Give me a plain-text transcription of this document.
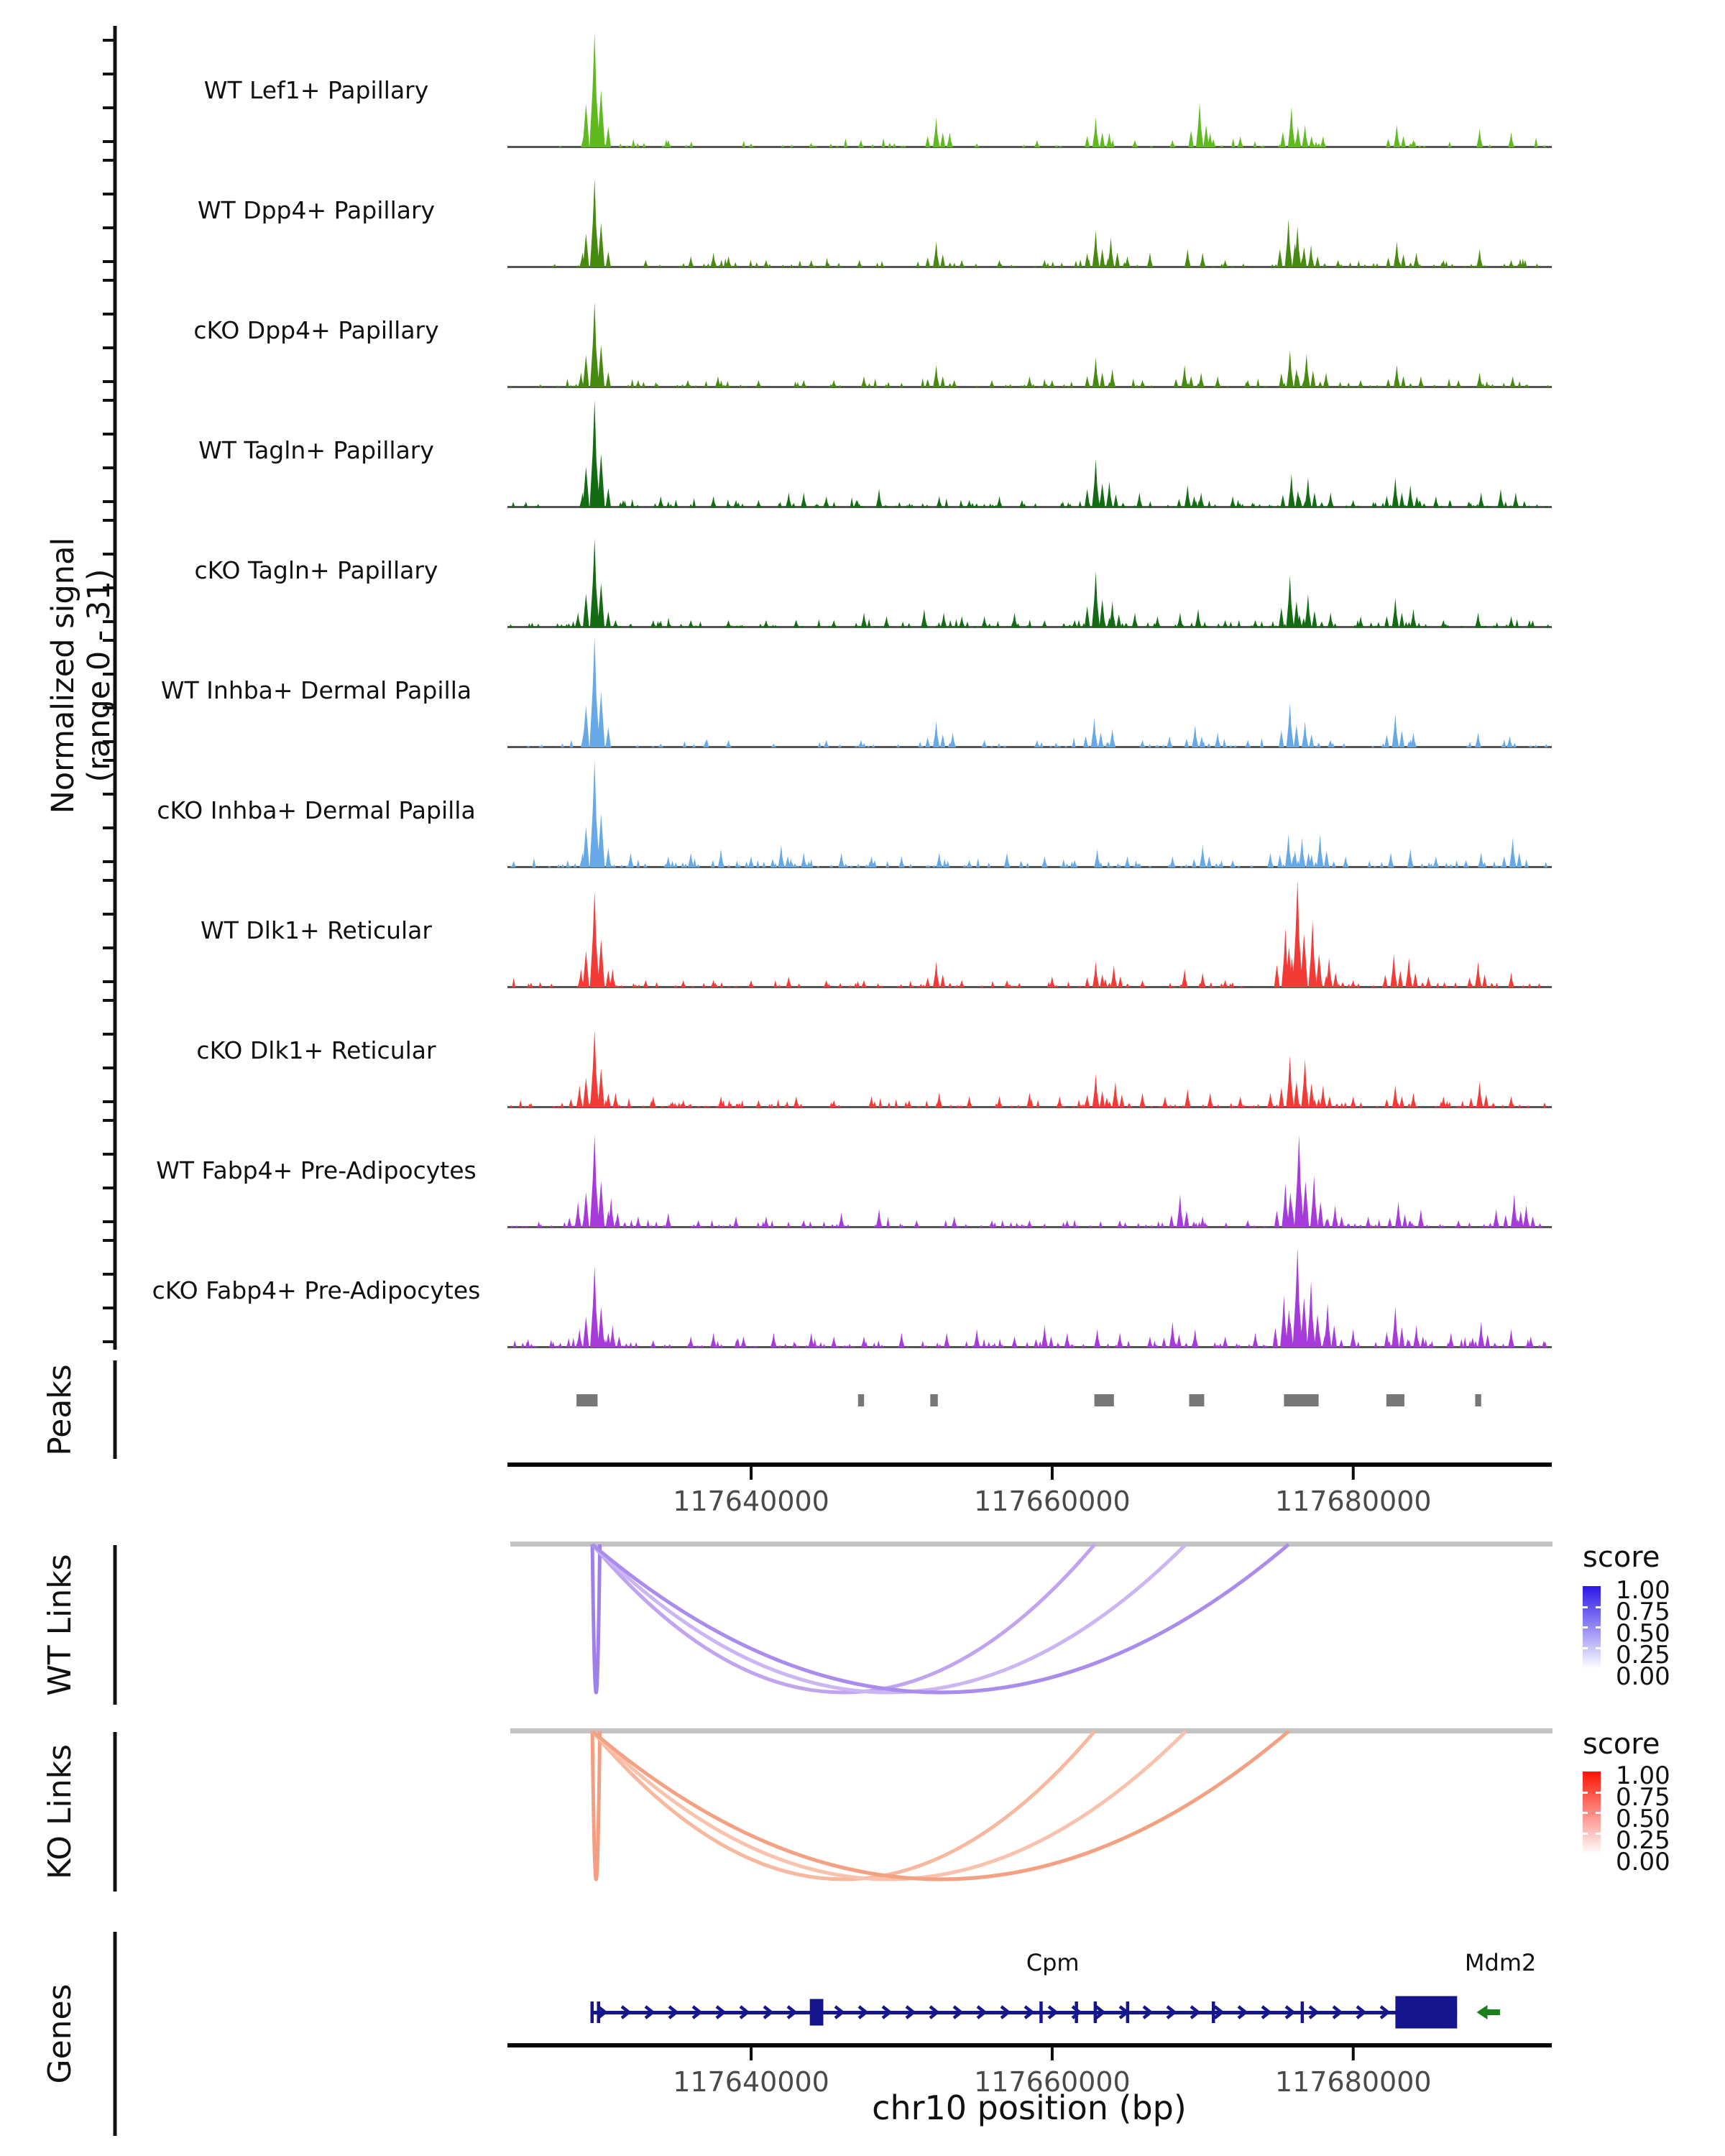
Normalized signal (range 0 - 31)
Peaks
WT Links
KO Links
Genes
score
score
chr10 position (bp)
WT Lef1+ Papillary
WT Dpp4+ Papillary
cKO Dpp4+ Papillary
WT Tagln+ Papillary
cKO Tagln+ Papillary
WT Inhba+ Dermal Papilla
cKO Inhba+ Dermal Papilla
WT Dlk1+ Reticular
cKO Dlk1+ Reticular
WT Fabp4+ Pre-Adipocytes
cKO Fabp4+ Pre-Adipocytes
117640000	117660000	117680000
117640000	117660000	117680000
1.00
0.75
0.50
0.25
0.00
1.00
0.75
0.50
0.25
0.00
Cpm	Mdm2
